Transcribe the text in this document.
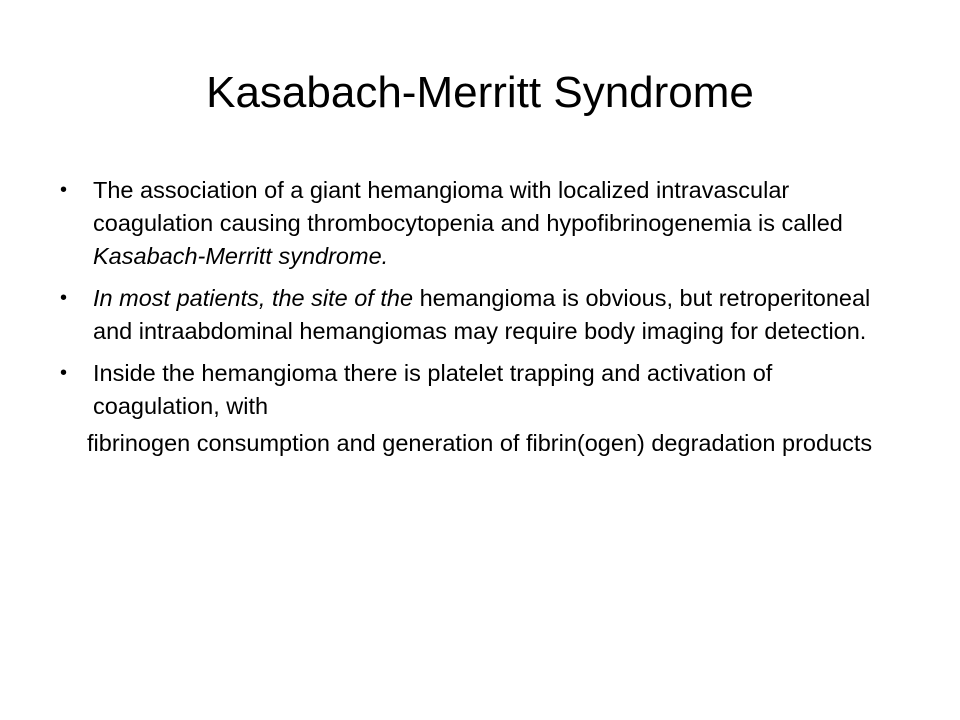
Kasabach-Merritt Syndrome
• The association of a giant hemangioma with localized intravascular coagulation causing thrombocytopenia and hypofibrinogenemia is called Kasabach-Merritt syndrome.
• In most patients, the site of the hemangioma is obvious, but retroperitoneal and intraabdominal hemangiomas may require body imaging for detection.
• Inside the hemangioma there is platelet trapping and activation of coagulation, with
fibrinogen consumption and generation of fibrin(ogen) degradation products
